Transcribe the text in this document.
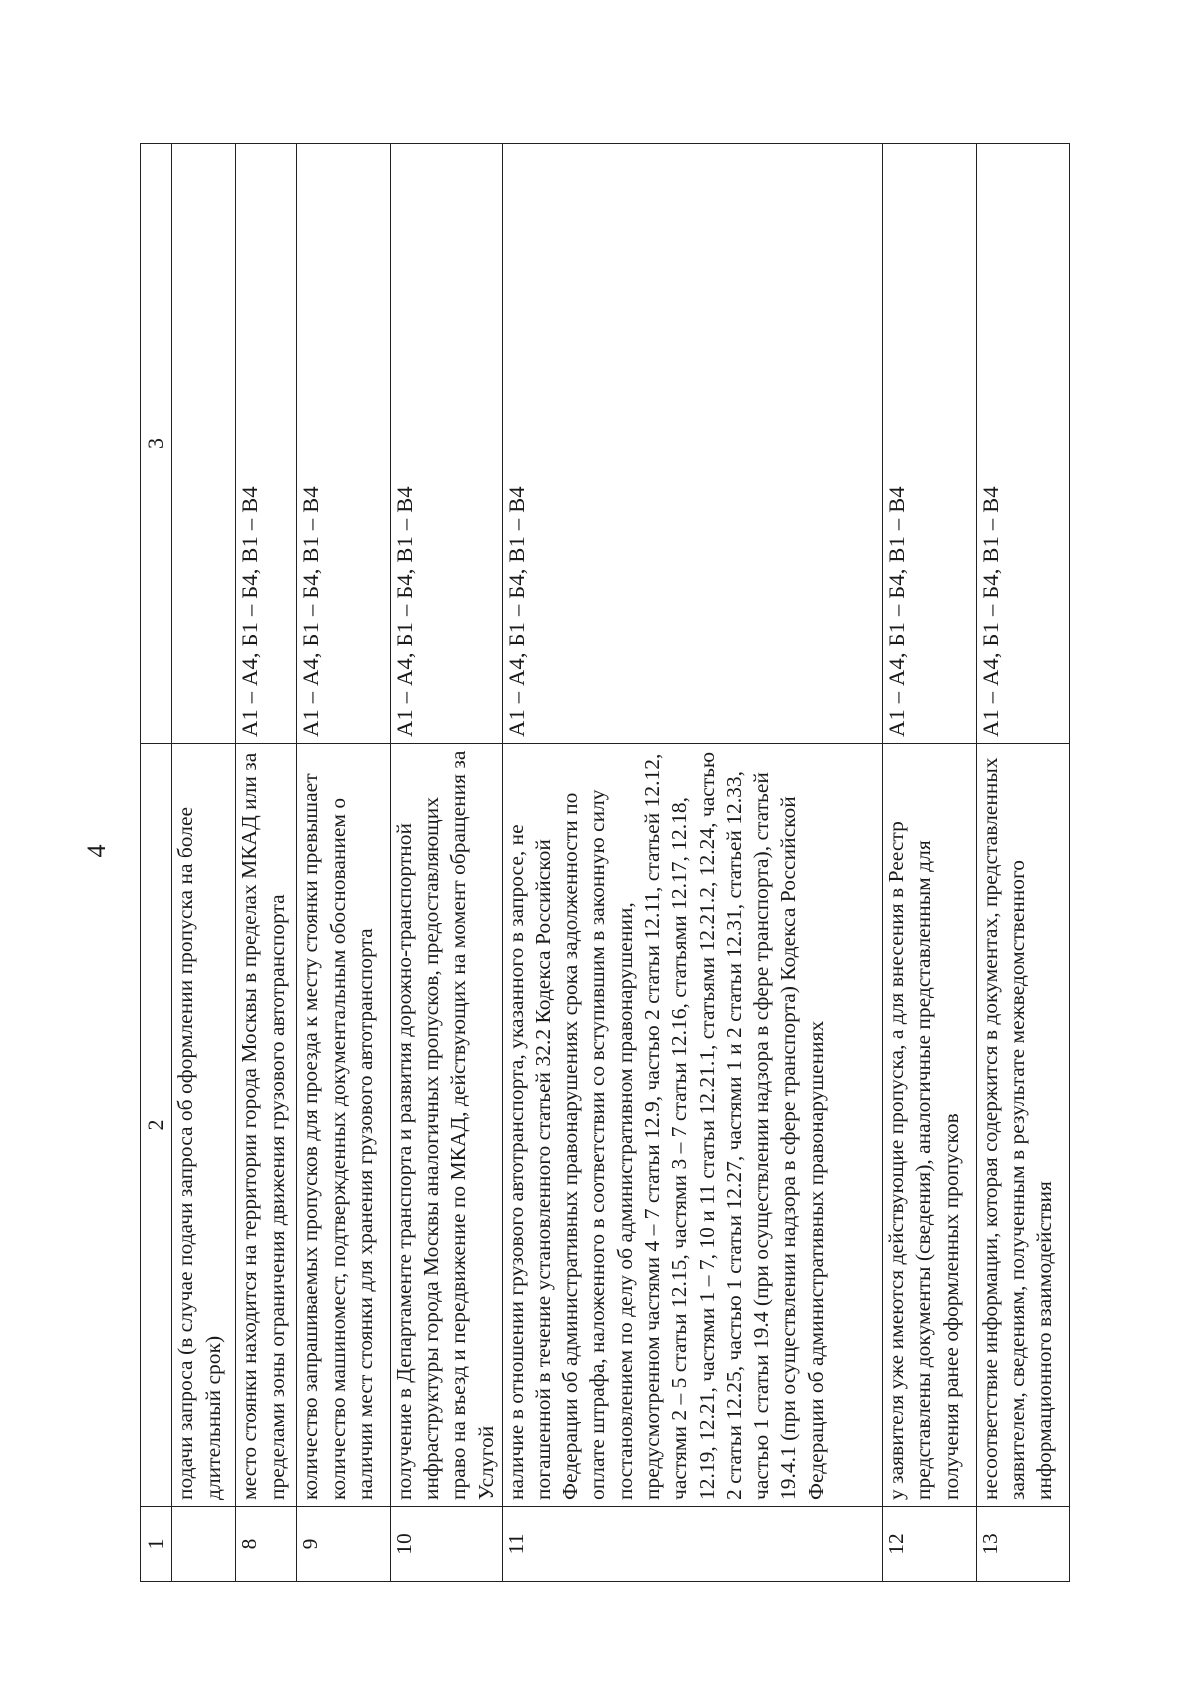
4
1	2	3
	подачи запроса (в случае подачи запроса об оформлении пропуска на более длительный срок)	
8	место стоянки находится на территории города Москвы в пределах МКАД или за пределами зоны ограничения движения грузового автотранспорта	А1 – А4, Б1 – Б4, В1 – В4
9	количество запрашиваемых пропусков для проезда к месту стоянки превышает количество машиномест, подтвержденных документальным обоснованием о наличии мест стоянки для хранения грузового автотранспорта	А1 – А4, Б1 – Б4, В1 – В4
10	получение в Департаменте транспорта и развития дорожно-транспортной инфраструктуры города Москвы аналогичных пропусков, предоставляющих право на въезд и передвижение по МКАД, действующих на момент обращения за Услугой	А1 – А4, Б1 – Б4, В1 – В4
11	наличие в отношении грузового автотранспорта, указанного в запросе, не погашенной в течение установленного статьей 32.2 Кодекса Российской Федерации об административных правонарушениях срока задолженности по оплате штрафа, наложенного в соответствии со вступившим в законную силу постановлением по делу об административном правонарушении, предусмотренном частями 4 – 7 статьи 12.9, частью 2 статьи 12.11, статьей 12.12, частями 2 – 5 статьи 12.15, частями 3 – 7 статьи 12.16, статьями 12.17, 12.18, 12.19, 12.21, частями 1 – 7, 10 и 11 статьи 12.21.1, статьями 12.21.2, 12.24, частью 2 статьи 12.25, частью 1 статьи 12.27, частями 1 и 2 статьи 12.31, статьей 12.33, частью 1 статьи 19.4 (при осуществлении надзора в сфере транспорта), статьей 19.4.1 (при осуществлении надзора в сфере транспорта) Кодекса Российской Федерации об административных правонарушениях	А1 – А4, Б1 – Б4, В1 – В4
12	у заявителя уже имеются действующие пропуска, а для внесения в Реестр представлены документы (сведения), аналогичные представленным для получения ранее оформленных пропусков	А1 – А4, Б1 – Б4, В1 – В4
13	несоответствие информации, которая содержится в документах, представленных заявителем, сведениям, полученным в результате межведомственного информационного взаимодействия	А1 – А4, Б1 – Б4, В1 – В4
